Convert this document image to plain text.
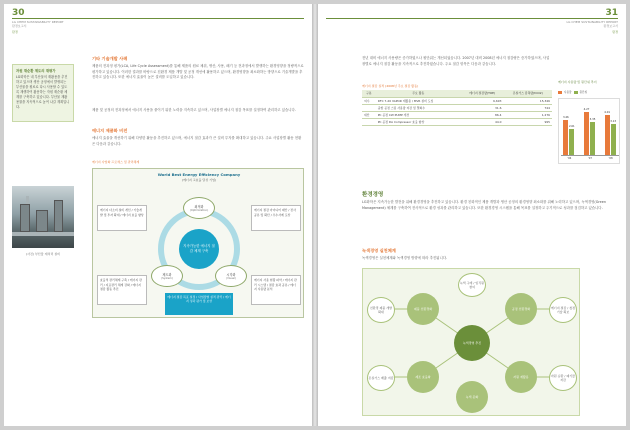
30
LG CHEM SUSTAINABILITY REPORT
환경보고서
환경
자원 재순환 제도의 재평가
LG화학은 내 부산물의 재활용을 추진하고 있으며 생산 공정에서 발생되는 부산물을 원료로 다시 사용할 수 있도록 재생하여 활용하는 자원 재순환 체계를 구축하고 있습니다. 부산물 재활용률을 지속적으로 높여 나갈 계획입니다.
(사진) 부산물 재처리 설비
기타 기술개발 사례
제품의 전과정 평가(LCA, Life Cycle Assessment)를 통해 제품의 원료 채취, 생산, 사용, 폐기 등 전과정에서 발생하는 환경영향을 정량적으로 평가하고 있습니다. 이러한 결과를 바탕으로 친환경 제품 개발 및 공정 개선에 활용하고 있으며, 환경영향을 최소화하는 방향으로 기술개발을 추진하고 있습니다. 또한 에너지 효율이 높은 설비를 도입하고 있습니다.
제품 및 공정의 전과정에서 에너지 사용을 줄이기 위한 노력을 지속하고 있으며, 사업장별 에너지 절감 목표를 설정하여 관리하고 있습니다.
에너지 제품화 비전
에너지 효율을 개선하기 위해 다양한 활동을 추진하고 있으며, 에너지 절감 효과가 큰 설비 투자를 확대하고 있습니다. 주요 사업장별 활동 현황은 다음과 같습니다.
에너지 사업화 프로세스 및 관리체계
World Best Energy Efficiency Company
(에너지 고효율 달성 기업)
최적화
(Optimization)
제도화
(System)
시각화
(Visual)
지속가능한 에너지 절감 체계 구축
에너지 다소비 설비 개선 / 기술개발 및 투자 확대 / 에너지 효율 향상
에너지 절감 아이디어 제안 / 전사 공유 및 확산 / 우수사례 포상
효율적 관리체계 구축 / 에너지 관리 / 지표관리 체계 강화 / 에너지 절감 활동 추진
에너지 사용 현황 파악 / 에너지 관리 시스템 / 절감 효과 공유 / 에너지 사용량 분석
에너지 절감 목표 설정 / 사업장별 실적 관리 / 에너지 성과 평가 및 보상
31
LG CHEM SUSTAINABILITY REPORT
환경보고서
환경
전년 대비 에너지 사용량은 증가하였으나 원단위는 개선되었습니다. 2007년 대비 2008년 에너지 절감량은 증가하였으며, 사업장별로 에너지 절감 활동을 지속적으로 추진하였습니다. 주요 절감 항목은 다음과 같습니다.
에너지 절감 실적 (2008년 주요 절감 활동)
구분	주요 활동	에너지 절감량(TOE)	온실가스 감축량(tCO2)
여수	DFC 7-20 VAPOR 재활용 / MVR 설비 도입	6,693	15,346
	중합 공정 스팀 사용량 저감 및 열회수	31.6	744
대산	PC 공정 CW PUMP 개선	86.4	1,276
	PC 공정 DA Compressor 효율 향상	44.0	995
에너지 사용량 및 원단위 추이
사용량	원단위
3.46
2.61
'06
4.27
3.35
'07
4.01
3.13
'08
환경경영
LG화학은 지속가능한 발전을 위해 환경경영을 추진하고 있습니다. 환경 친화적인 제품 개발과 생산 공정의 환경영향 최소화를 위해 노력하고 있으며, 녹색경영(Green Management) 체계를 구축하여 전사적으로 환경 성과를 관리하고 있습니다. 또한 환경경영 시스템을 통해 목표를 설정하고 주기적으로 성과를 점검하고 있습니다.
녹색경영 실천체계
녹색경영은 실천체계와 녹색경영 방향에 따라 추진됩니다.
녹색경영 추진
제품 친환경화	공정 친환경화
제조 효율화	자원 재활용
녹색 문화
친환경 제품 개발 확대
에너지 절감 / 청정 기술 확보
온실가스 배출 저감
자원 순환 / 폐기물 저감
녹색 구매 / 임직원 참여
